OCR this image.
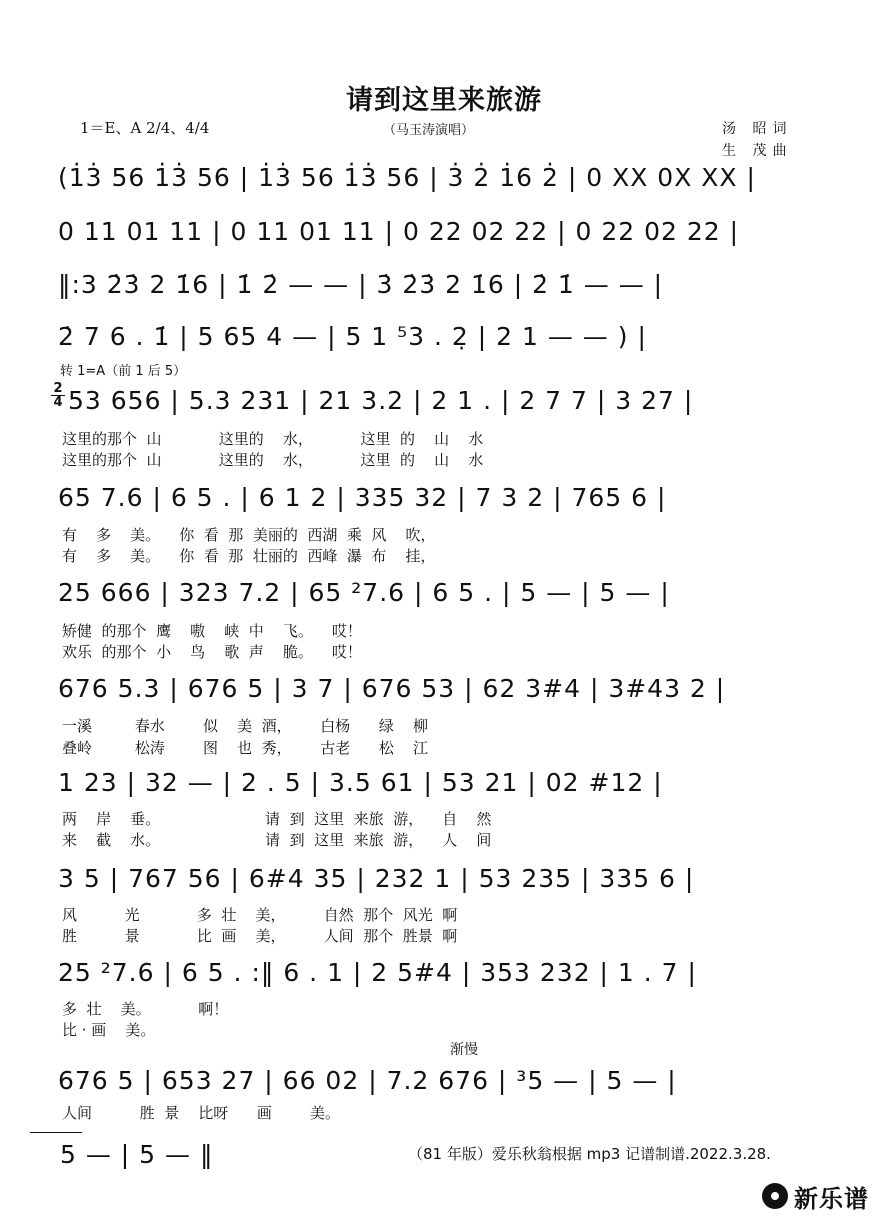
请到这里来旅游
1＝E、A 2/4、4/4	（马玉涛演唱）	汤 昭词
生 茂曲
(1̇3̇ 56 1̇3̇ 56 | 1̇3̇ 56 1̇3̇ 56 | 3̇ 2̇ 1̇6 2̇ | 0 XX 0X XX |
0 11 01 11 | 0 11 01 11 | 0 22 02 22 | 0 22 02 22 |
‖:3 2̇3̇ 2 1̇6 | 1̇ 2̇ — — | 3̇ 2̇3̇ 2 1̇6 | 2̇ 1̇ — — |
2̇ 7 6 . 1̇ | 5 65 4 — | 5 1 ⁵3 . 2̣ | 2 1 — — ) |
转 1=A（前 1 后 5）
2
4 53 656 | 5.3 231 | 21 3.2 | 2 1 . | 2 7 7 | 3 27 |
这里的那个  山            这里的    水，          这里  的    山    水
这里的那个  山            这里的    水，          这里  的    山    水
65 7.6 | 6 5 . | 6 1 2 | 335 32 | 7 3 2 | 765 6 |
有    多    美。    你  看  那  美丽的  西湖  乘  风    吹，
有    多    美。    你  看  那  壮丽的  西峰  瀑  布    挂，
25 666 | 323 7.2 | 65 ²7.6 | 6 5 . | 5 — | 5 — |
矫健  的那个  鹰    嗷    峡  中    飞。    哎！
欢乐  的那个  小    鸟    歌  声    脆。    哎！
676 5.3 | 676 5 | 3 7 | 676 53 | 62 3#4 | 3#43 2 |
一溪         春水        似    美  酒，      白杨      绿    柳
叠岭         松涛        图    也  秀，      古老      松    江
1 23 | 32 — | 2 . 5 | 3.5 61 | 53 21 | 02 #12 |
两    岸    垂。                      请  到  这里  来旅  游，    自    然
来    截    水。                      请  到  这里  来旅  游，    人    间
3 5 | 767 56 | 6#4 35 | 232 1 | 53 235 | 335 6 |
风          光            多  壮    美，        自然  那个  风光  啊
胜          景            比  画    美，        人间  那个  胜景  啊
25 ²7.6 | 6 5 . :‖ 6 . 1 | 2 5#4 | 353 232 | 1 . 7 |
多  壮    美。          啊！
比 · 画    美。
渐慢
676 5 | 653 27 | 66 02 | 7.2 676 | ³5 — | 5 — |
人间          胜  景    比呀      画        美。
5 — | 5 — ‖	（81 年版）爱乐秋翁根据 mp3 记谱制谱.2022.3.28.
新乐谱
